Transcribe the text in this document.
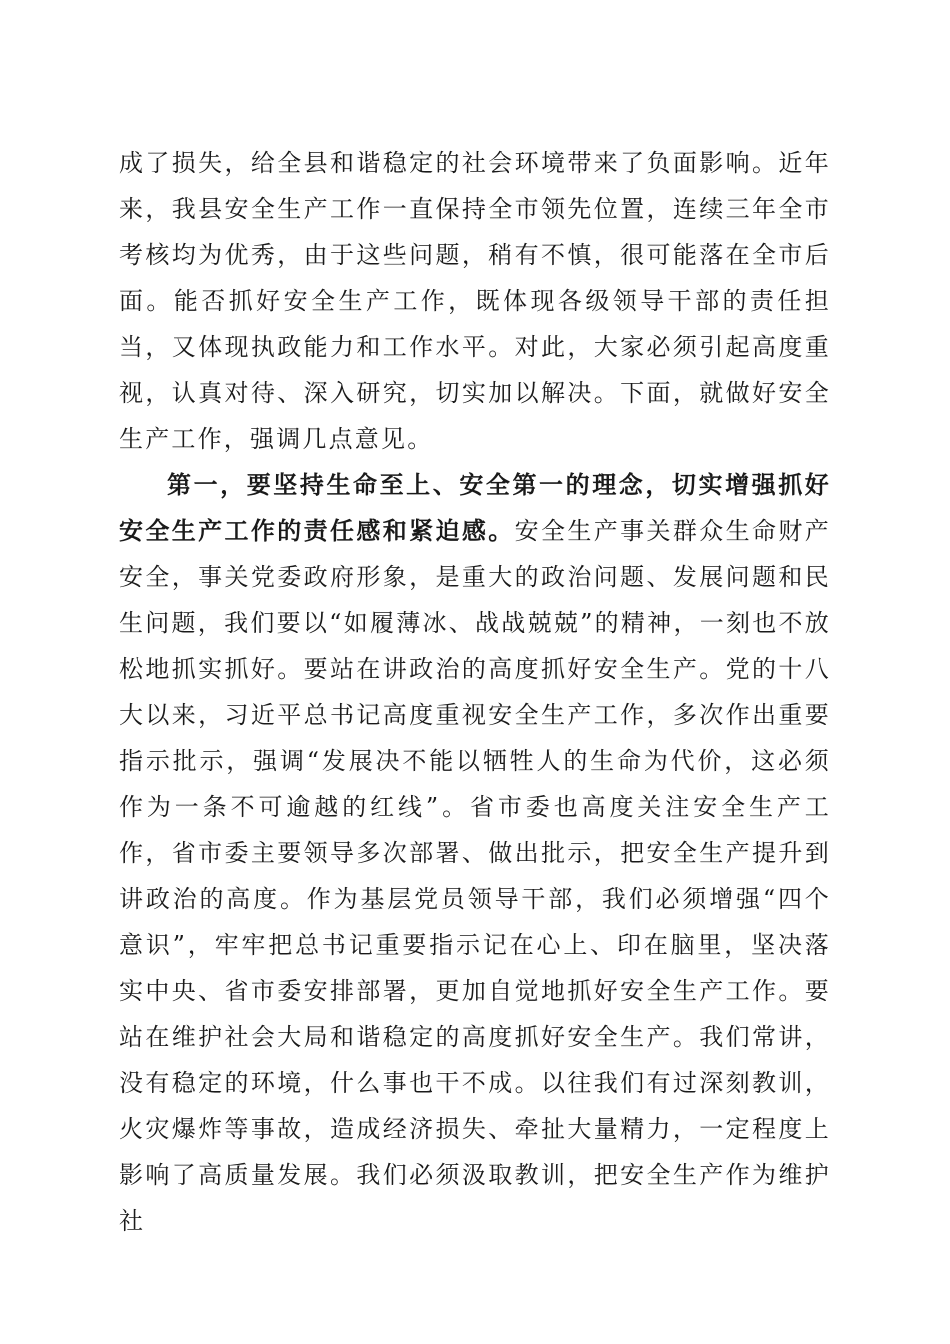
成了损失，给全县和谐稳定的社会环境带来了负面影响。近年来，我县安全生产工作一直保持全市领先位置，连续三年全市考核均为优秀，由于这些问题，稍有不慎，很可能落在全市后面。能否抓好安全生产工作，既体现各级领导干部的责任担当，又体现执政能力和工作水平。对此，大家必须引起高度重视，认真对待、深入研究，切实加以解决。下面，就做好安全生产工作，强调几点意见。

第一，要坚持生命至上、安全第一的理念，切实增强抓好安全生产工作的责任感和紧迫感。安全生产事关群众生命财产安全，事关党委政府形象，是重大的政治问题、发展问题和民生问题，我们要以“如履薄冰、战战兢兢”的精神，一刻也不放松地抓实抓好。要站在讲政治的高度抓好安全生产。党的十八大以来，习近平总书记高度重视安全生产工作，多次作出重要指示批示，强调“发展决不能以牺牲人的生命为代价，这必须作为一条不可逾越的红线”。省市委也高度关注安全生产工作，省市委主要领导多次部署、做出批示，把安全生产提升到讲政治的高度。作为基层党员领导干部，我们必须增强“四个意识”，牢牢把总书记重要指示记在心上、印在脑里，坚决落实中央、省市委安排部署，更加自觉地抓好安全生产工作。要站在维护社会大局和谐稳定的高度抓好安全生产。我们常讲，没有稳定的环境，什么事也干不成。以往我们有过深刻教训，火灾爆炸等事故，造成经济损失、牵扯大量精力，一定程度上影响了高质量发展。我们必须汲取教训，把安全生产作为维护社
